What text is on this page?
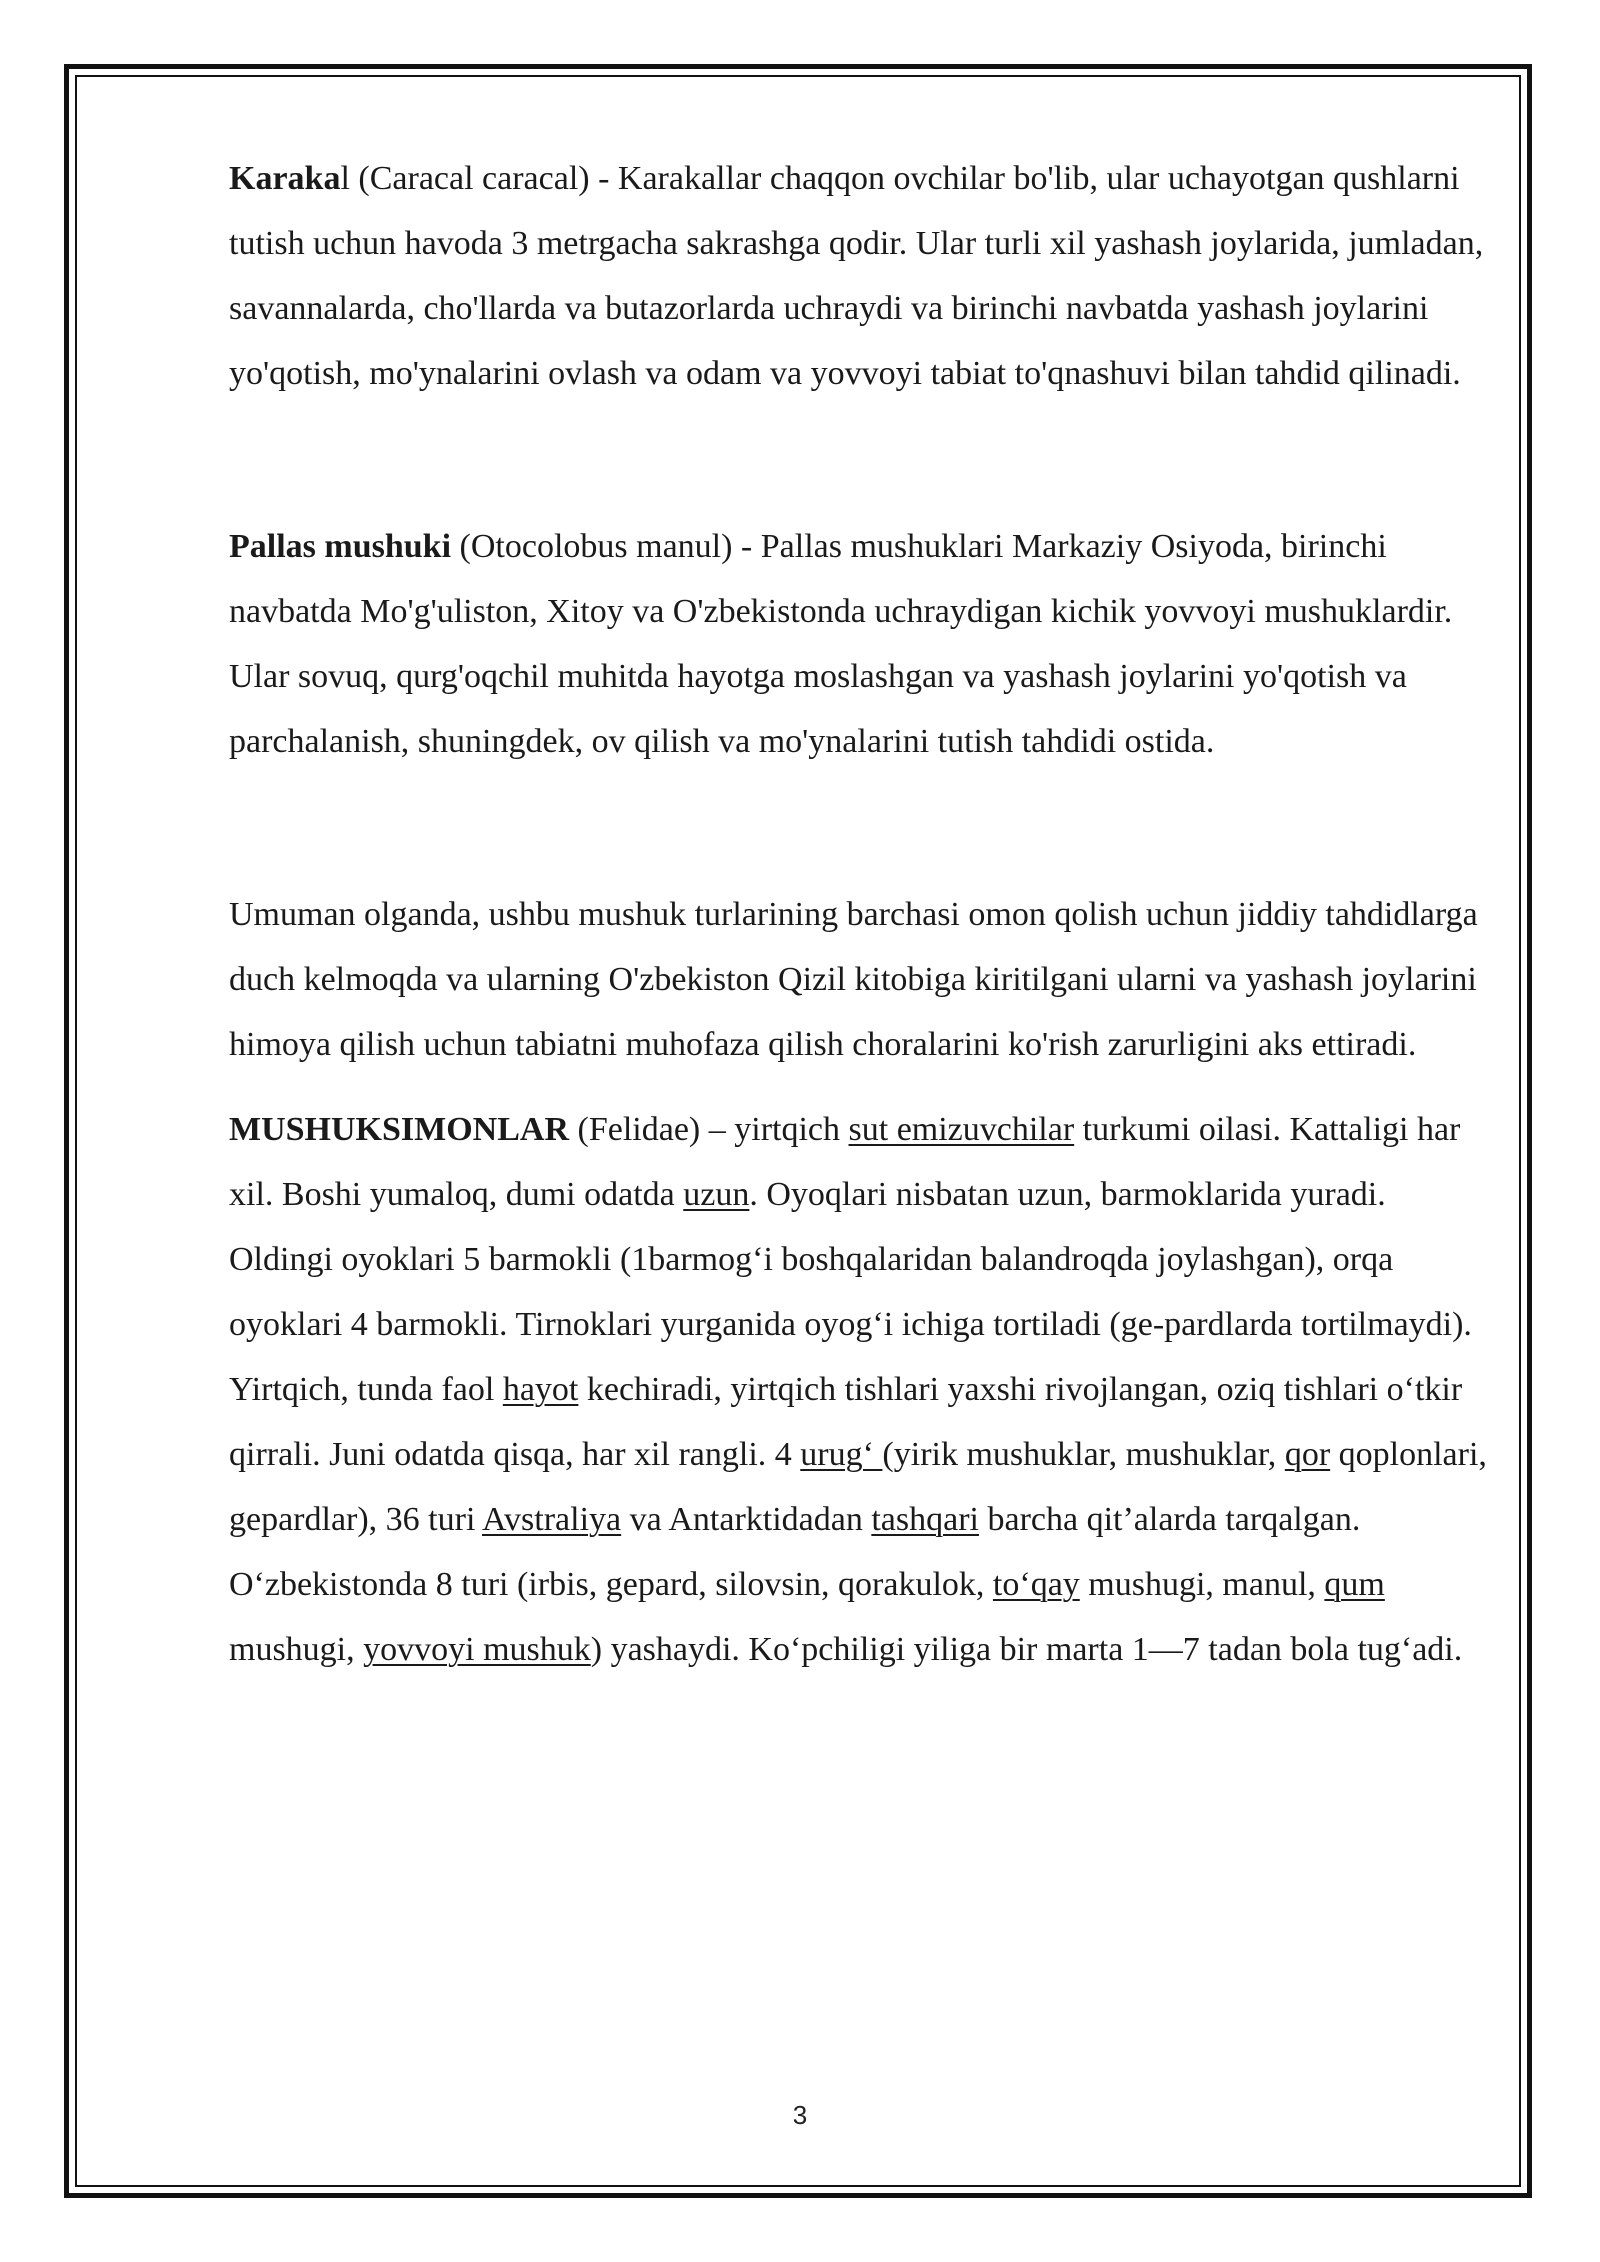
Karakal (Caracal caracal) - Karakallar chaqqon ovchilar bo'lib, ular uchayotgan qushlarni tutish uchun havoda 3 metrgacha sakrashga qodir. Ular turli xil yashash joylarida, jumladan, savannalarda, cho'llarda va butazorlarda uchraydi va birinchi navbatda yashash joylarini yo'qotish, mo'ynalarini ovlash va odam va yovvoyi tabiat to'qnashuvi bilan tahdid qilinadi.

Pallas mushuki (Otocolobus manul) - Pallas mushuklari Markaziy Osiyoda, birinchi navbatda Mo'g'uliston, Xitoy va O'zbekistonda uchraydigan kichik yovvoyi mushuklardir. Ular sovuq, qurg'oqchil muhitda hayotga moslashgan va yashash joylarini yo'qotish va parchalanish, shuningdek, ov qilish va mo'ynalarini tutish tahdidi ostida.

Umuman olganda, ushbu mushuk turlarining barchasi omon qolish uchun jiddiy tahdidlarga duch kelmoqda va ularning O'zbekiston Qizil kitobiga kiritilgani ularni va yashash joylarini himoya qilish uchun tabiatni muhofaza qilish choralarini ko'rish zarurligini aks ettiradi.

MUSHUKSIMONLAR (Felidae) – yirtqich sut emizuvchilar turkumi oilasi. Kattaligi har xil. Boshi yumaloq, dumi odatda uzun. Oyoqlari nisbatan uzun, barmoklarida yuradi. Oldingi oyoklari 5 barmokli (1barmog‘i boshqalaridan balandroqda joylashgan), orqa oyoklari 4 barmokli. Tirnoklari yurganida oyog‘i ichiga tortiladi (ge-pardlarda tortilmaydi). Yirtqich, tunda faol hayot kechiradi, yirtqich tishlari yaxshi rivojlangan, oziq tishlari o‘tkir qirrali. Juni odatda qisqa, har xil rangli. 4 urug‘ (yirik mushuklar, mushuklar, qor qoplonlari, gepardlar), 36 turi Avstraliya va Antarktidadan tashqari barcha qit’alarda tarqalgan. O‘zbekistonda 8 turi (irbis, gepard, silovsin, qorakulok, to‘qay mushugi, manul, qum mushugi, yovvoyi mushuk) yashaydi. Ko‘pchiligi yiliga bir marta 1—7 tadan bola tug‘adi.

3
